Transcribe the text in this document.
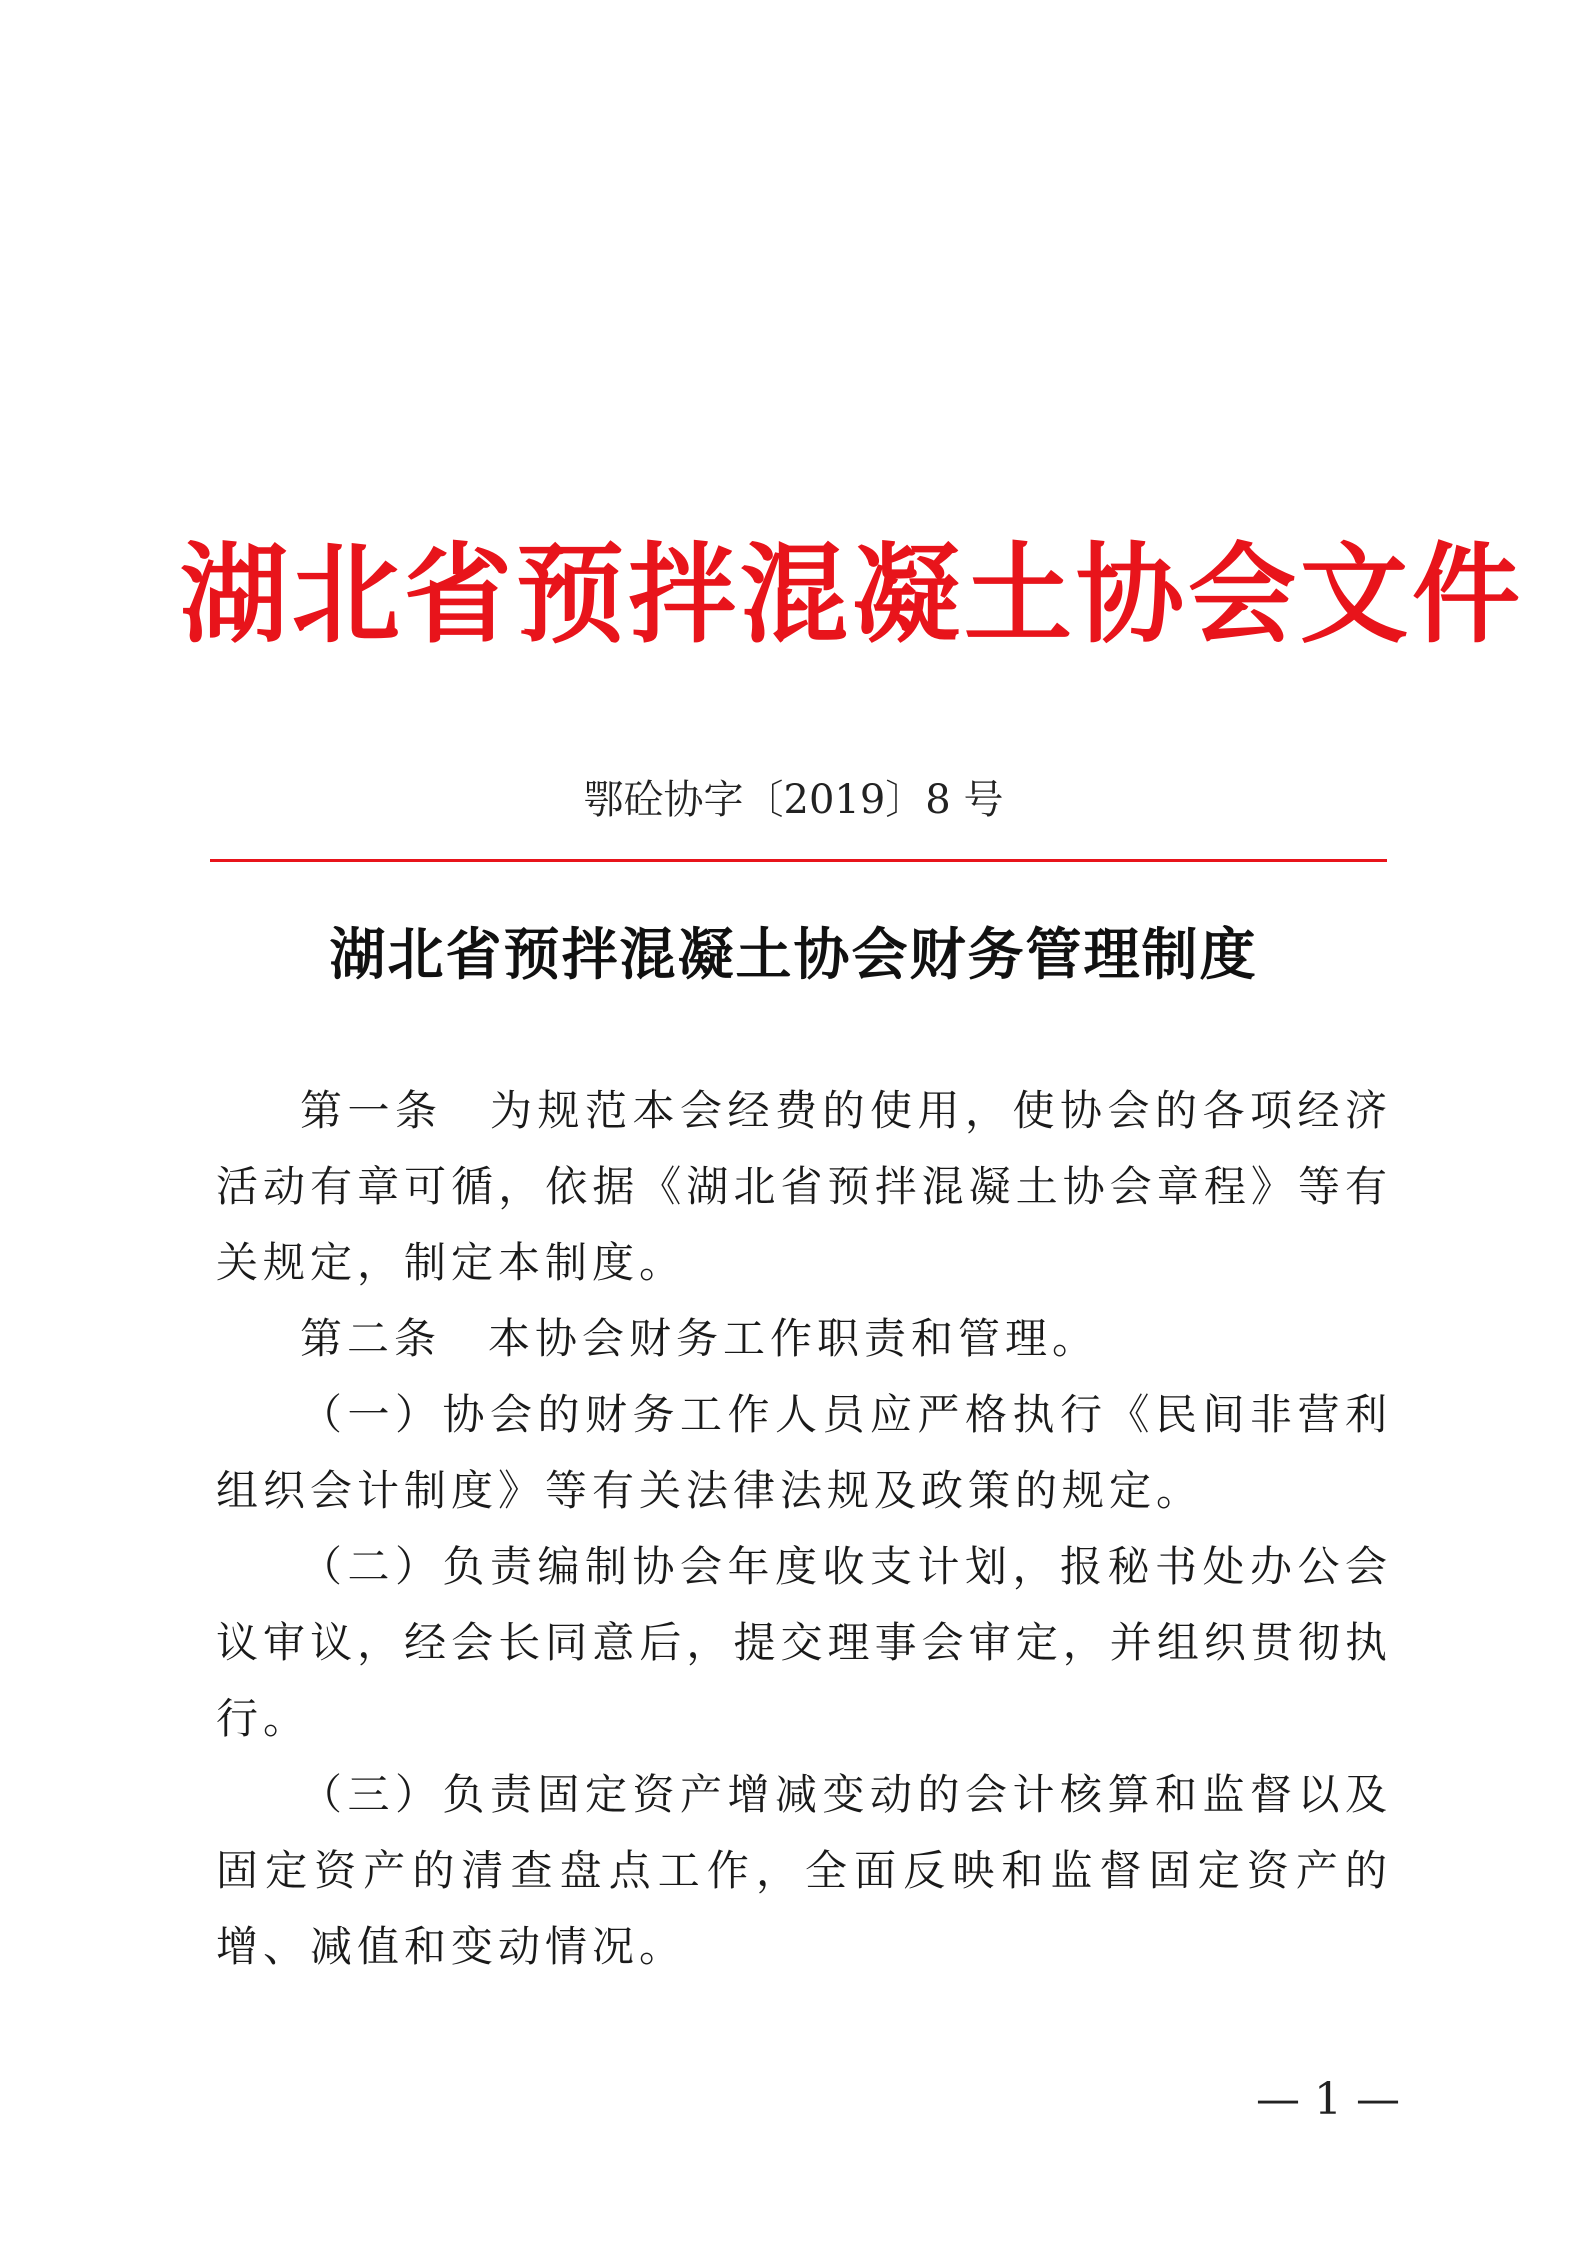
湖北省预拌混凝土协会文件
鄂砼协字〔2019〕8 号
湖北省预拌混凝土协会财务管理制度

第一条　为规范本会经费的使用，使协会的各项经济活动有章可循，依据《湖北省预拌混凝土协会章程》等有关规定，制定本制度。

第二条　本协会财务工作职责和管理。

（一）协会的财务工作人员应严格执行《民间非营利组织会计制度》等有关法律法规及政策的规定。

（二）负责编制协会年度收支计划，报秘书处办公会议审议，经会长同意后，提交理事会审定，并组织贯彻执行。

（三）负责固定资产增减变动的会计核算和监督以及固定资产的清查盘点工作，全面反映和监督固定资产的增、减值和变动情况。

— 1 —
